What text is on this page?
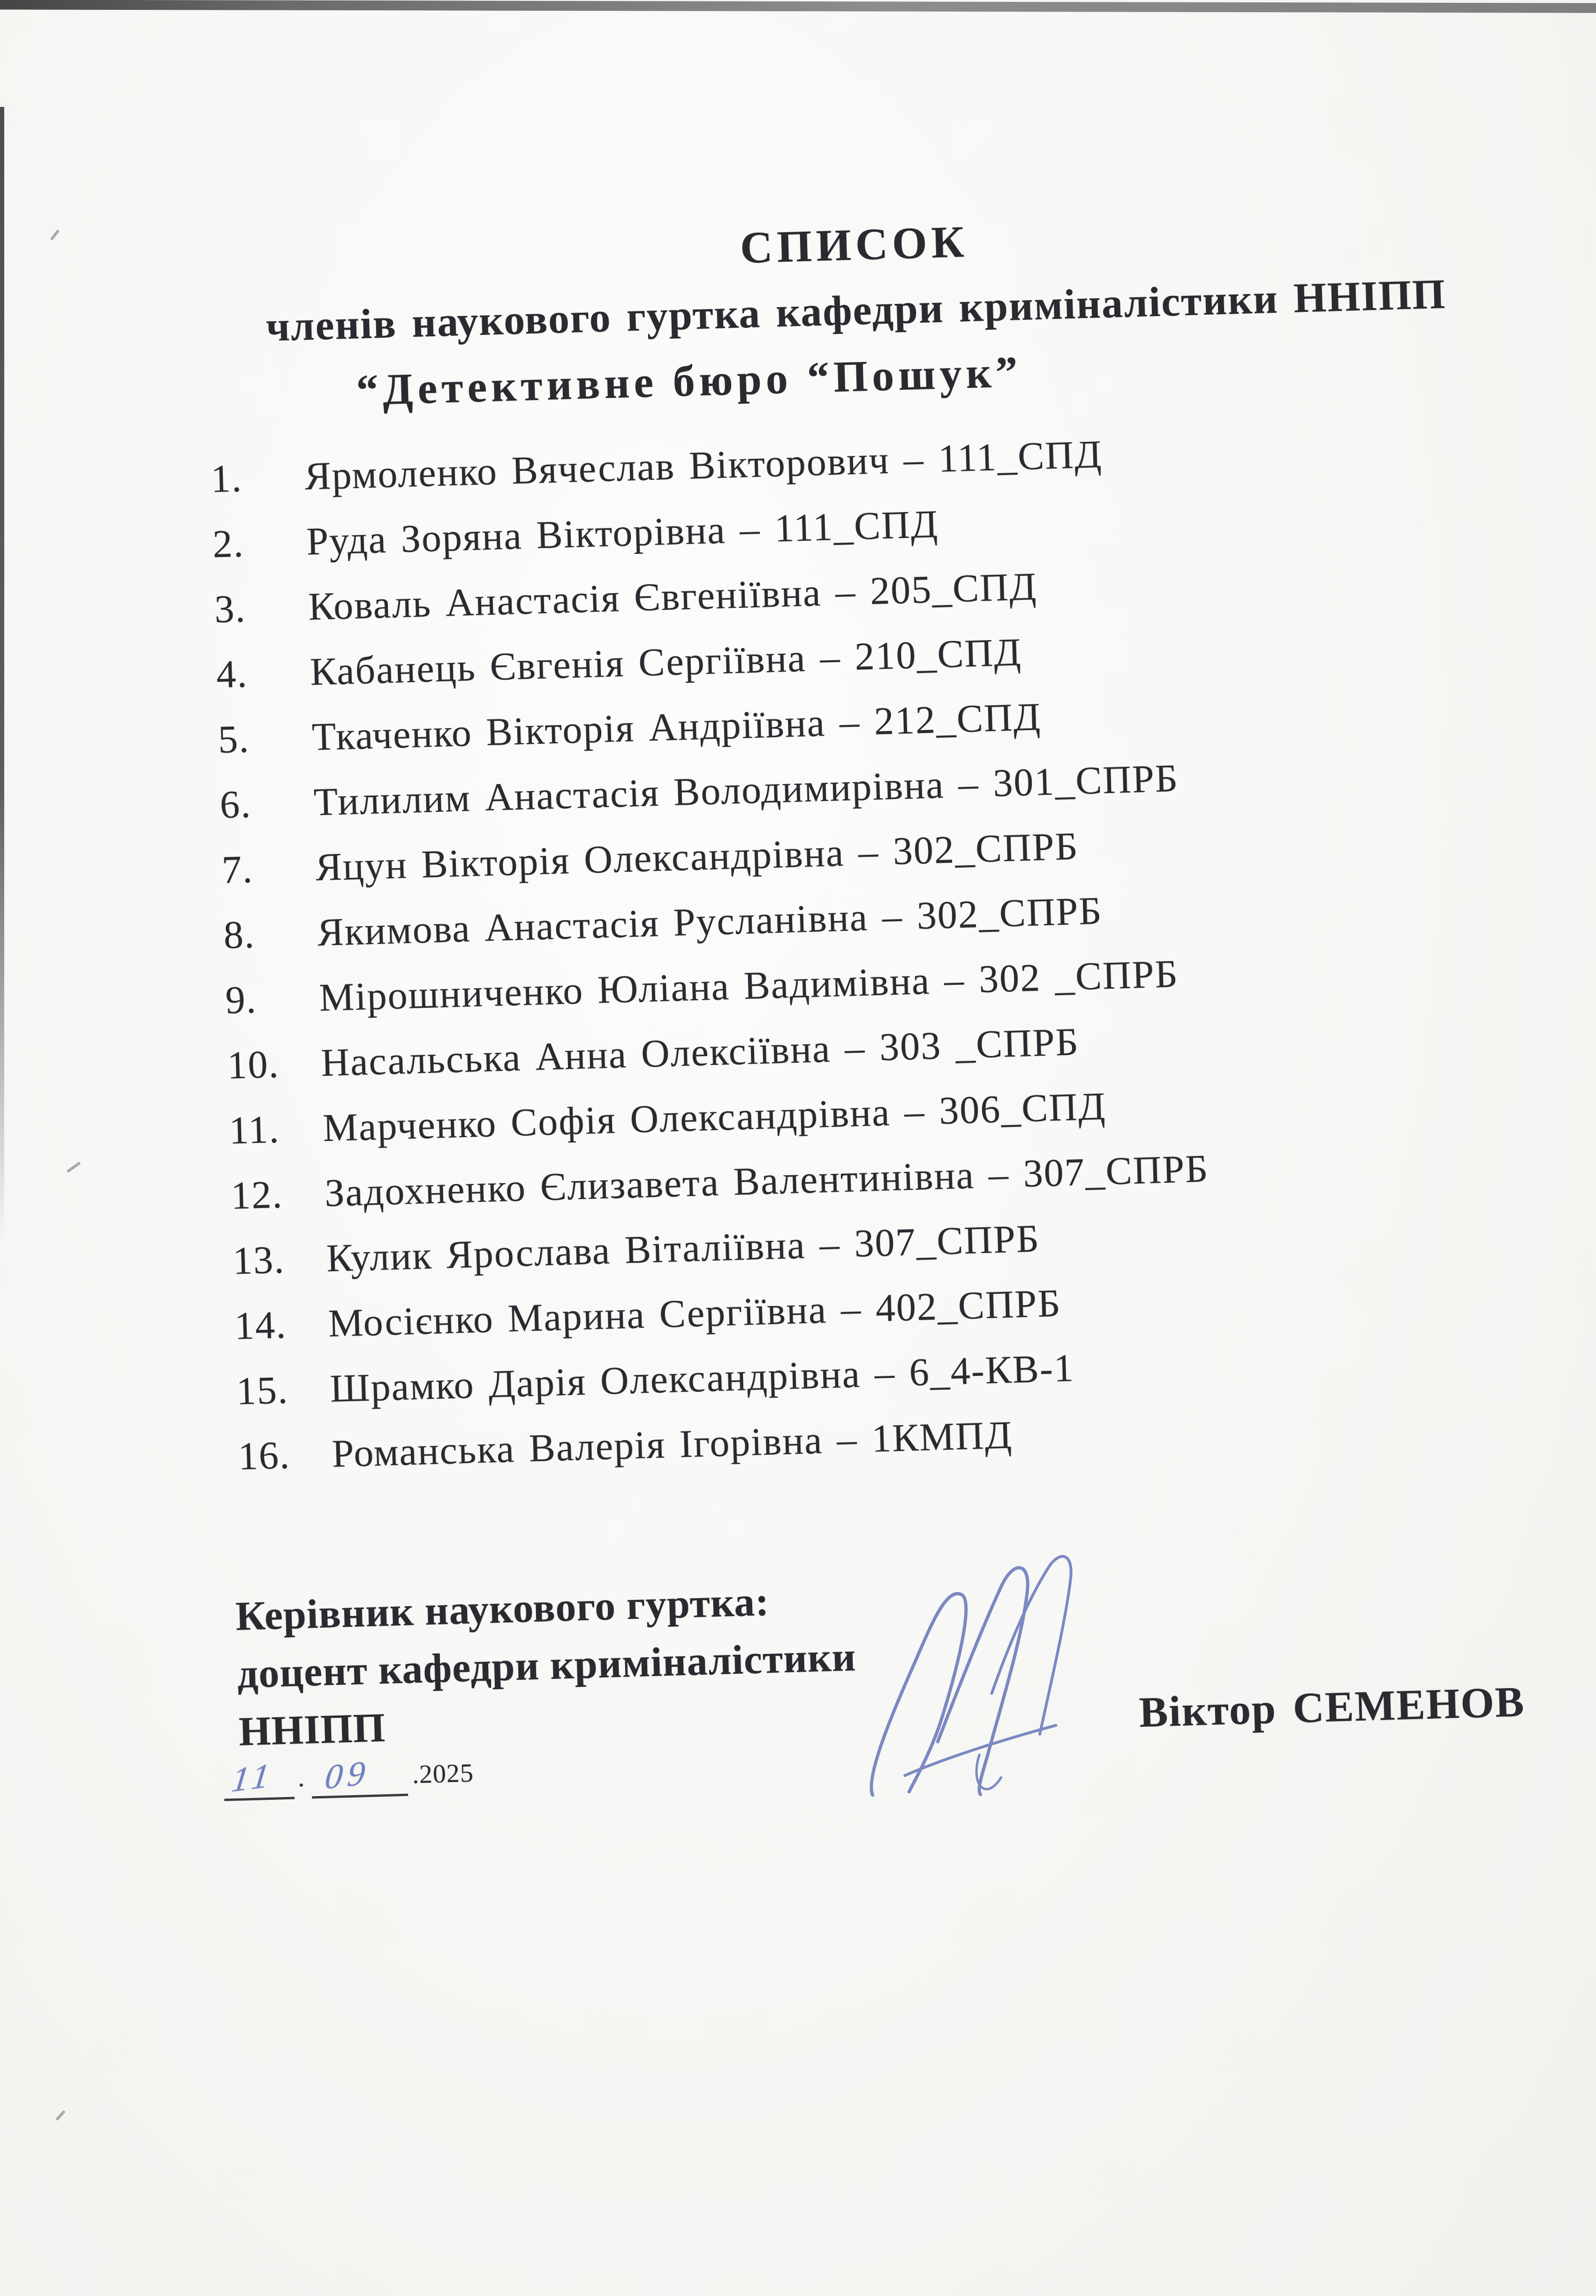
СПИСОК
членів наукового гуртка кафедри криміналістики ННІПП
“Детективне бюро “Пошук”
1.	Ярмоленко Вячеслав Вікторович – 111_СПД
2.	Руда Зоряна Вікторівна – 111_СПД
3.	Коваль Анастасія Євгеніївна – 205_СПД
4.	Кабанець Євгенія Сергіївна – 210_СПД
5.	Ткаченко Вікторія Андріївна – 212_СПД
6.	Тилилим Анастасія Володимирівна – 301_СПРБ
7.	Яцун Вікторія Олександрівна – 302_СПРБ
8.	Якимова Анастасія Русланівна – 302_СПРБ
9.	Мірошниченко Юліана Вадимівна – 302 _СПРБ
10.	Насальська Анна Олексіївна – 303 _СПРБ
11.	Марченко Софія Олександрівна – 306_СПД
12.	Задохненко Єлизавета Валентинівна – 307_СПРБ
13.	Кулик Ярослава Віталіївна – 307_СПРБ
14.	Мосієнко Марина Сергіївна – 402_СПРБ
15.	Шрамко Дарія Олександрівна – 6_4-КВ-1
16.	Романська Валерія Ігорівна – 1КМПД
Керівник наукового гуртка:
доцент кафедри криміналістики
ННІПП
11 . 09 .2025
Віктор СЕМЕНОВ
